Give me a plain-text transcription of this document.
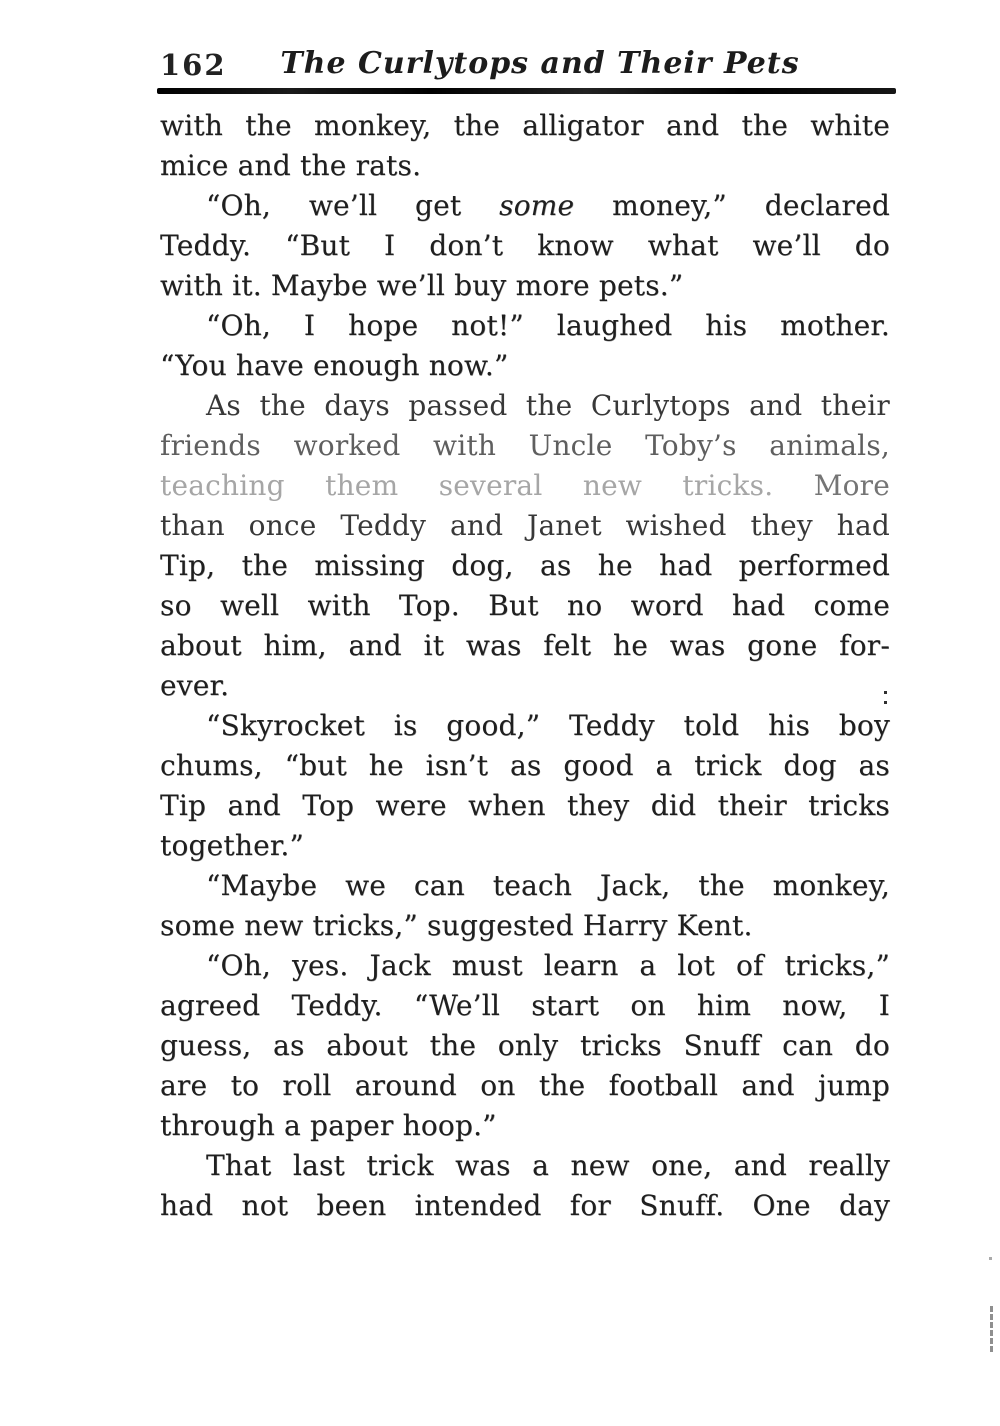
162	The Curlytops and Their Pets
with the monkey, the alligator and the white
mice and the rats.
“Oh, we’ll get some money,” declared
Teddy. “But I don’t know what we’ll do
with it. Maybe we’ll buy more pets.”
“Oh, I hope not!” laughed his mother.
“You have enough now.”
As the days passed the Curlytops and their
friends worked with Uncle Toby’s animals,
teaching them several new tricks. More
than once Teddy and Janet wished they had
Tip, the missing dog, as he had performed
so well with Top. But no word had come
about him, and it was felt he was gone for-
ever.
“Skyrocket is good,” Teddy told his boy
chums, “but he isn’t as good a trick dog as
Tip and Top were when they did their tricks
together.”
“Maybe we can teach Jack, the monkey,
some new tricks,” suggested Harry Kent.
“Oh, yes. Jack must learn a lot of tricks,”
agreed Teddy. “We’ll start on him now, I
guess, as about the only tricks Snuff can do
are to roll around on the football and jump
through a paper hoop.”
That last trick was a new one, and really
had not been intended for Snuff. One day
